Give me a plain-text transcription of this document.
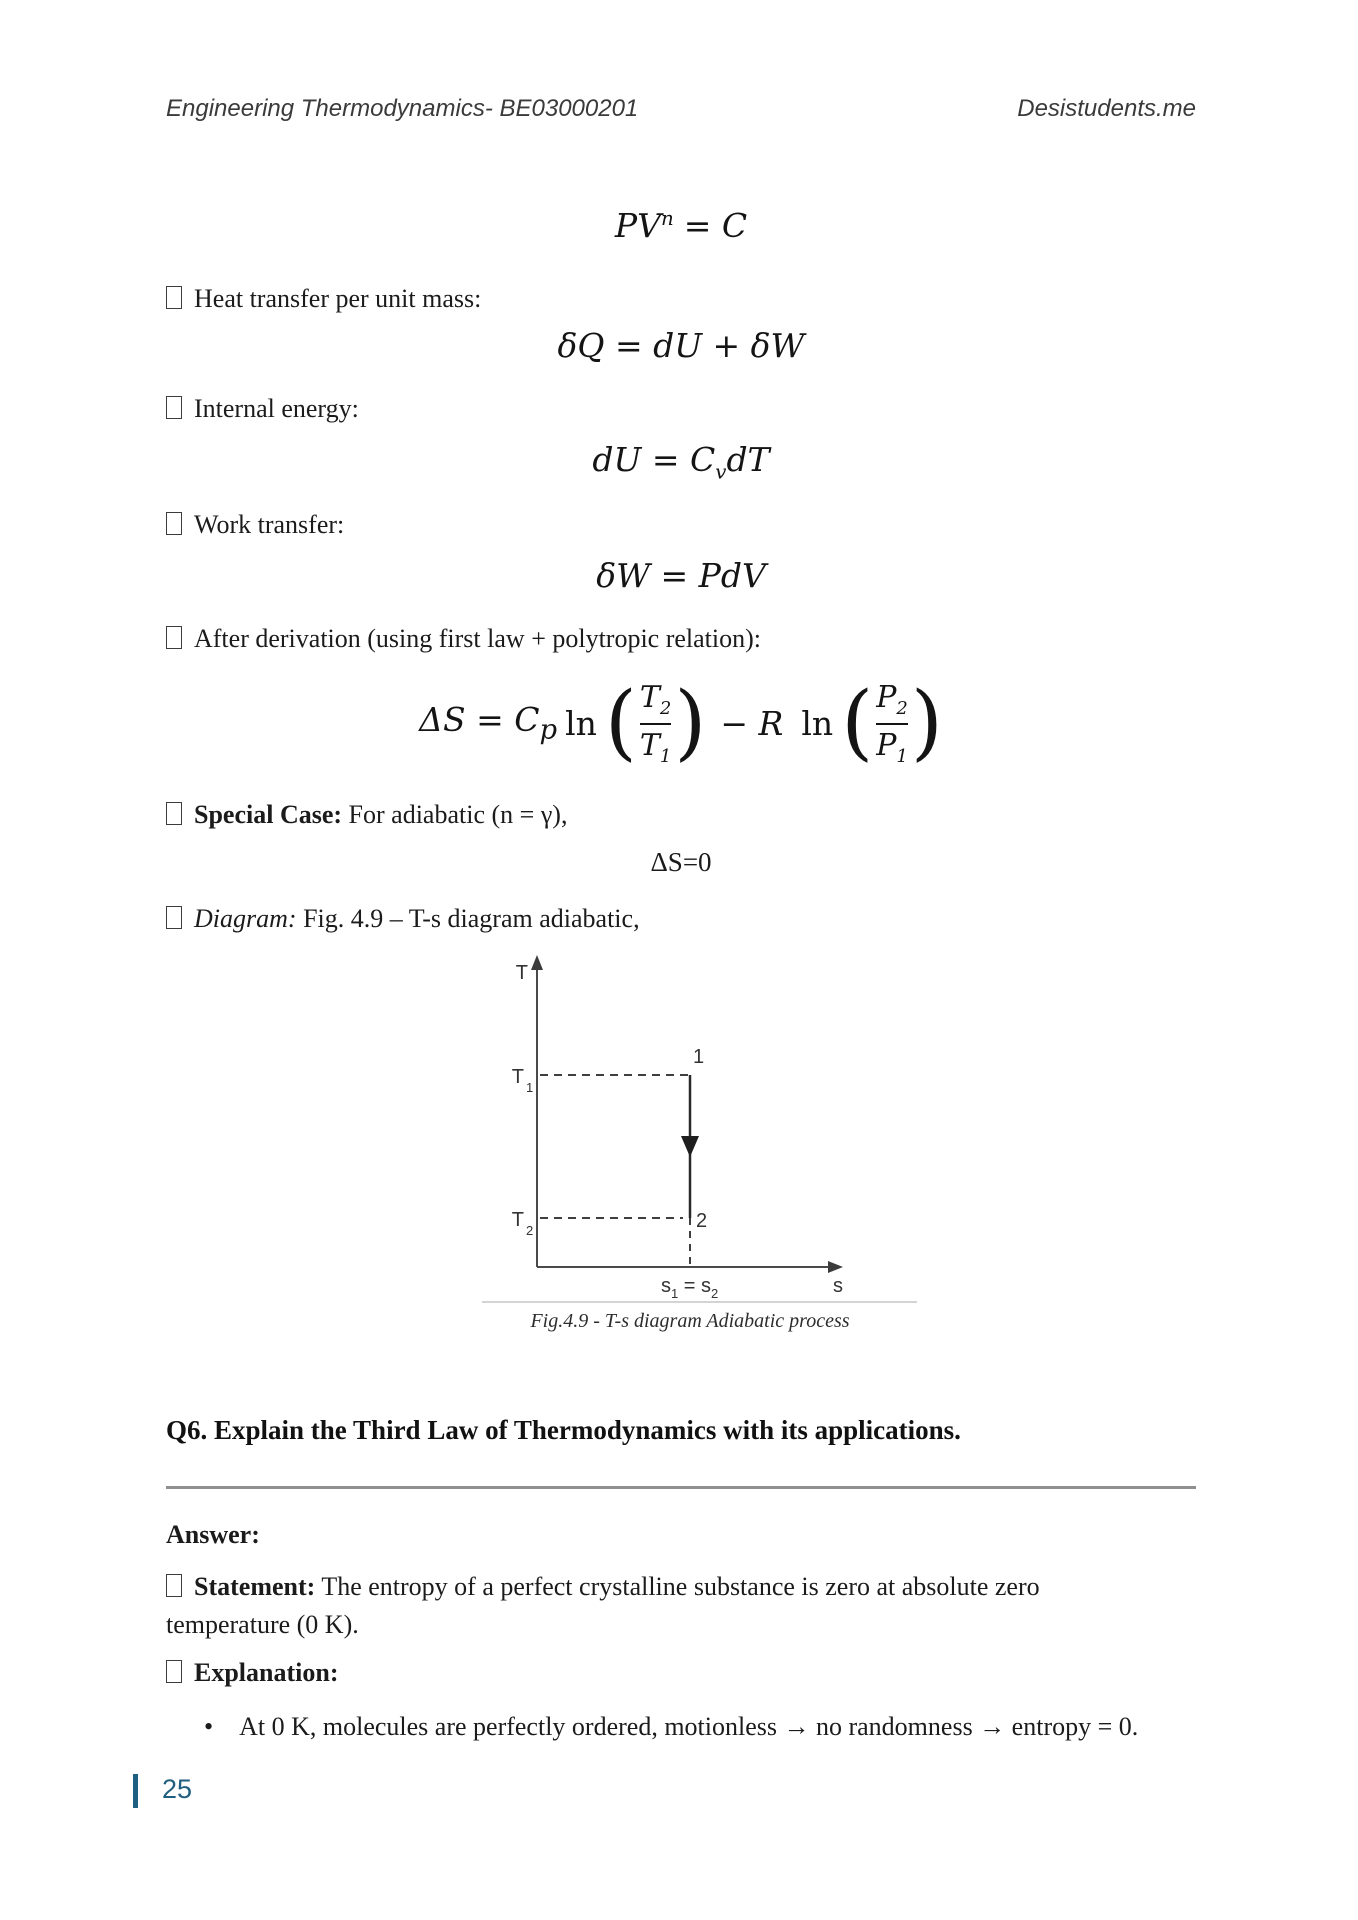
Engineering Thermodynamics- BE03000201	Desistudents.me
$PV^n = C$
Heat transfer per unit mass:
δQ = dU + δW
Internal energy:
dU = $C_vdT$
Work transfer:
δW = PdV
After derivation (using first law + polytropic relation):
$\Delta S = C_p$ ln ( $\frac{T_2}{T_1}$ ) − R ln ( $\frac{P_2}{P_1}$ )
Special Case: For adiabatic (n = γ),
ΔS=0
Diagram: Fig. 4.9 – T-s diagram adiabatic,
T
s
T 1
1
T 2	2
$s_1 = s_2$
Fig.4.9 - T-s diagram Adiabatic process
Q6. Explain the Third Law of Thermodynamics with its applications.
Answer:
Statement: The entropy of a perfect crystalline substance is zero at absolute zero temperature (0 K).
Explanation:
• At 0 K, molecules are perfectly ordered, motionless → no randomness → entropy = 0.
25
